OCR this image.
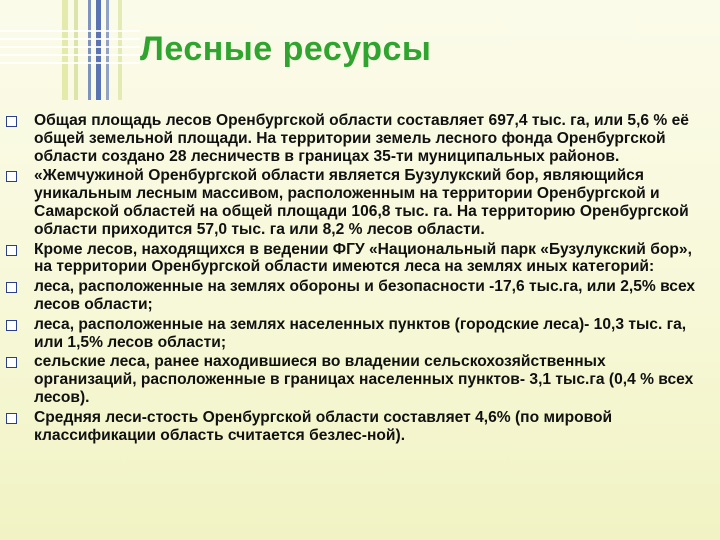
Лесные ресурсы
Общая площадь лесов Оренбургской области составляет 697,4 тыс. га, или 5,6 % её общей земельной площади. На территории земель лесного фонда Оренбургской области создано 28 лесничеств в границах 35-ти муниципальных районов.
«Жемчужиной Оренбургской области является Бузулукский бор, являющийся уникальным лесным массивом, расположенным на территории Оренбургской и Самарской областей на общей площади 106,8 тыс. га. На территорию Оренбургской области приходится 57,0 тыс. га или 8,2 % лесов области.
Кроме лесов, находящихся в ведении ФГУ «Национальный парк «Бузулукский бор», на территории Оренбургской области имеются леса на землях иных категорий:
леса, расположенные на землях обороны и безопасности -17,6 тыс.га, или 2,5% всех лесов области;
леса, расположенные на землях населенных пунктов (городские леса)- 10,3 тыс. га, или 1,5% лесов области;
сельские леса, ранее находившиеся во владении сельскохозяйственных организаций, расположенные в границах населенных пунктов- 3,1 тыс.га (0,4 % всех лесов).
Средняя леси-стость Оренбургской области составляет 4,6% (по мировой классификации область считается безлес-ной).
